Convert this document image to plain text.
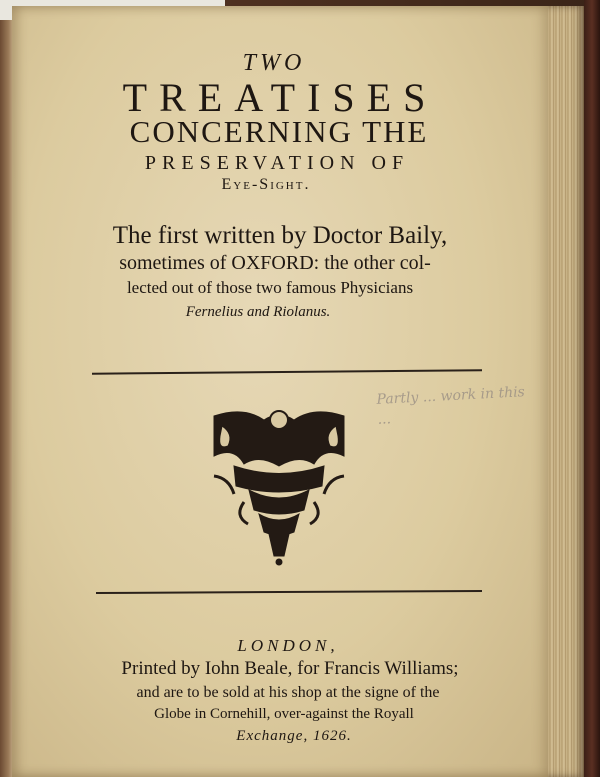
TWO
TREATISES
CONCERNING THE
PRESERVATION OF
Eye-Sight.
The first written by Doctor Baily,
sometimes of OXFORD: the other col-
lected out of those two famous Physicians
Fernelius and Riolanus.
Partly ... work in this ...
LONDON,
Printed by Iohn Beale, for Francis Williams;
and are to be sold at his shop at the signe of the
Globe in Cornehill, over-against the Royall
Exchange, 1626.
